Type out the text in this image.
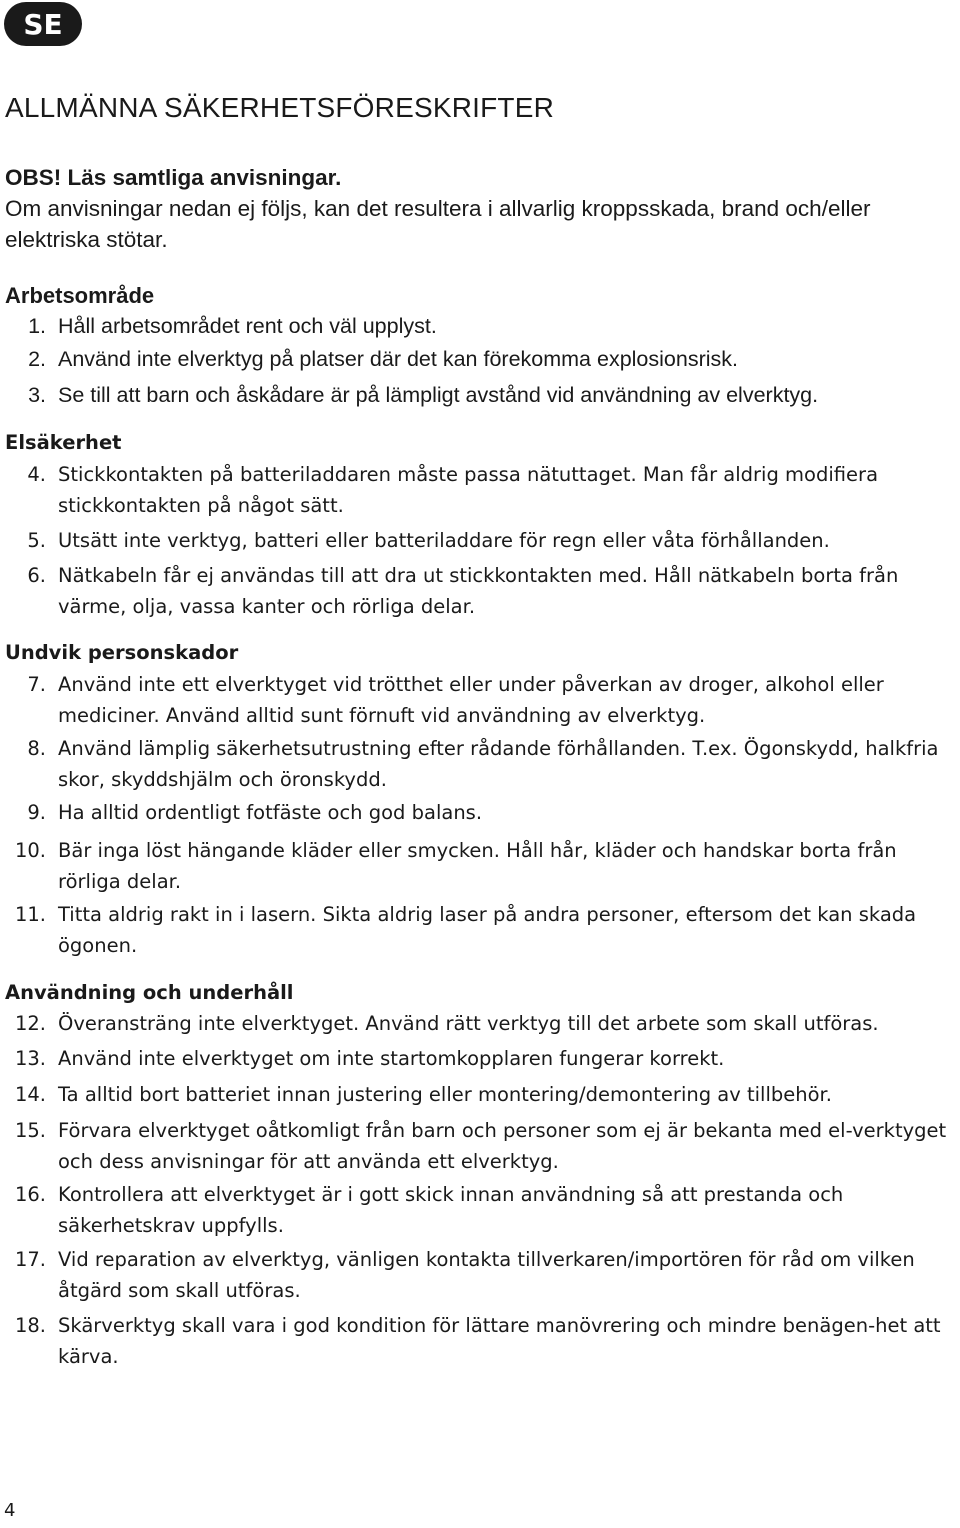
SE
ALLMÄNNA SÄKERHETSFÖRESKRIFTER
OBS! Läs samtliga anvisningar.
Om anvisningar nedan ej följs, kan det resultera i allvarlig kroppsskada, brand och/eller elektriska stötar.
Arbetsområde
1. Håll arbetsområdet rent och väl upplyst.
2. Använd inte elverktyg på platser där det kan förekomma explosionsrisk.
3. Se till att barn och åskådare är på lämpligt avstånd vid användning av elverktyg.
Elsäkerhet
4. Stickkontakten på batteriladdaren måste passa nätuttaget. Man får aldrig modifiera stickkontakten på något sätt.
5. Utsätt inte verktyg, batteri eller batteriladdare för regn eller våta förhållanden.
6. Nätkabeln får ej användas till att dra ut stickkontakten med. Håll nätkabeln borta från värme, olja, vassa kanter och rörliga delar.
Undvik personskador
7. Använd inte ett elverktyget vid trötthet eller under påverkan av droger, alkohol eller mediciner. Använd alltid sunt förnuft vid användning av elverktyg.
8. Använd lämplig säkerhetsutrustning efter rådande förhållanden. T.ex. Ögonskydd, halkfria skor, skyddshjälm och öronskydd.
9. Ha alltid ordentligt fotfäste och god balans.
10. Bär inga löst hängande kläder eller smycken. Håll hår, kläder och handskar borta från rörliga delar.
11. Titta aldrig rakt in i lasern. Sikta aldrig laser på andra personer, eftersom det kan skada ögonen.
Användning och underhåll
12. Överansträng inte elverktyget. Använd rätt verktyg till det arbete som skall utföras.
13. Använd inte elverktyget om inte startomkopplaren fungerar korrekt.
14. Ta alltid bort batteriet innan justering eller montering/demontering av tillbehör.
15. Förvara elverktyget oåtkomligt från barn och personer som ej är bekanta med el-verktyget och dess anvisningar för att använda ett elverktyg.
16. Kontrollera att elverktyget är i gott skick innan användning så att prestanda och säkerhetskrav uppfylls.
17. Vid reparation av elverktyg, vänligen kontakta tillverkaren/importören för råd om vilken åtgärd som skall utföras.
18. Skärverktyg skall vara i god kondition för lättare manövrering och mindre benägen-het att kärva.
4
